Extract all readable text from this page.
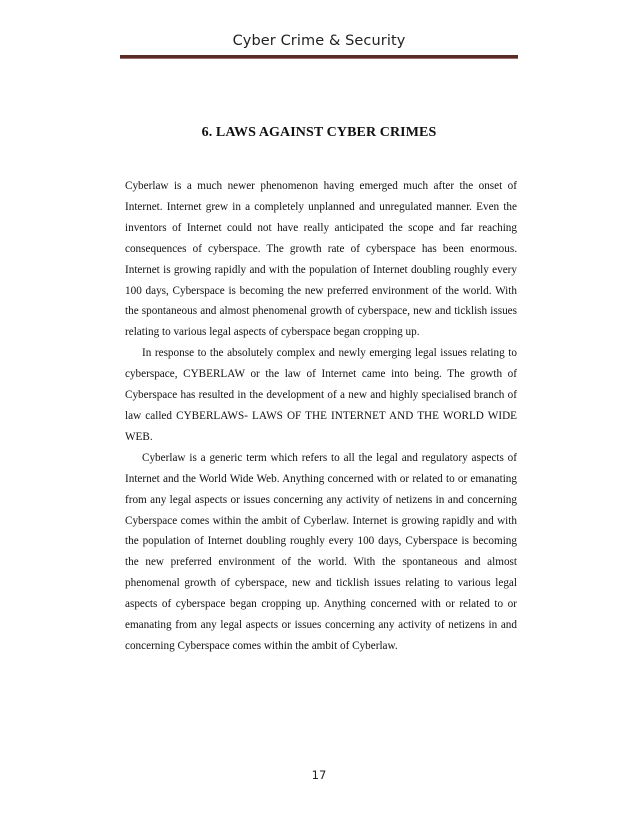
Cyber Crime & Security
6. LAWS AGAINST CYBER CRIMES

Cyberlaw is a much newer phenomenon having emerged much after the onset of Internet. Internet grew in a completely unplanned and unregulated manner. Even the inventors of Internet could not have really anticipated the scope and far reaching consequences of cyberspace. The growth rate of cyberspace has been enormous. Internet is growing rapidly and with the population of Internet doubling roughly every 100 days, Cyberspace is becoming the new preferred environment of the world. With the spontaneous and almost phenomenal growth of cyberspace, new and ticklish issues relating to various legal aspects of cyberspace began cropping up.

In response to the absolutely complex and newly emerging legal issues relating to cyberspace, CYBERLAW or the law of Internet came into being. The growth of Cyberspace has resulted in the development of a new and highly specialised branch of law called CYBERLAWS- LAWS OF THE INTERNET AND THE WORLD WIDE WEB.

Cyberlaw is a generic term which refers to all the legal and regulatory aspects of Internet and the World Wide Web. Anything concerned with or related to or emanating from any legal aspects or issues concerning any activity of netizens in and concerning Cyberspace comes within the ambit of Cyberlaw. Internet is growing rapidly and with the population of Internet doubling roughly every 100 days, Cyberspace is becoming the new preferred environment of the world. With the spontaneous and almost phenomenal growth of cyberspace, new and ticklish issues relating to various legal aspects of cyberspace began cropping up. Anything concerned with or related to or emanating from any legal aspects or issues concerning any activity of netizens in and concerning Cyberspace comes within the ambit of Cyberlaw.

17
